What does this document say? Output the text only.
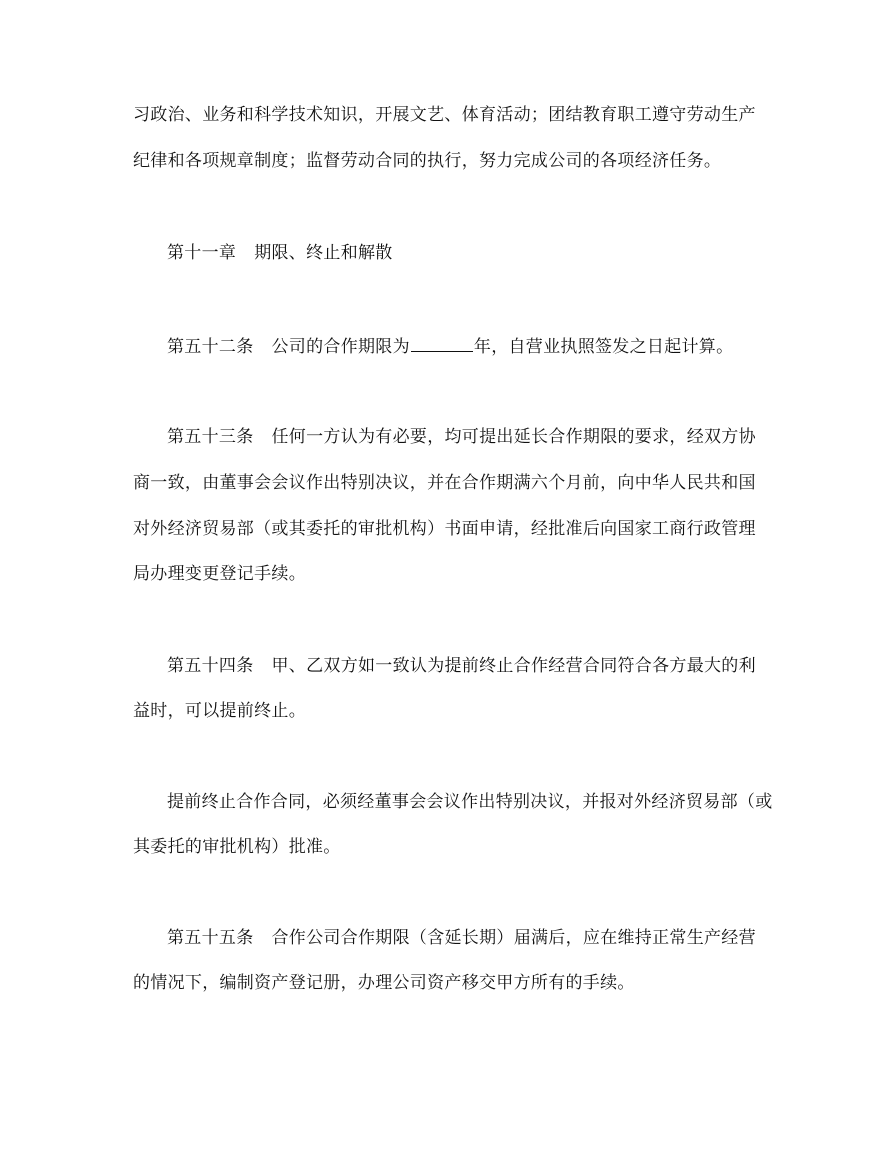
习政治、业务和科学技术知识，开展文艺、体育活动；团结教育职工遵守劳动生产
纪律和各项规章制度；监督劳动合同的执行，努力完成公司的各项经济任务。
第十一章 期限、终止和解散
第五十二条 公司的合作期限为	年，自营业执照签发之日起计算。
第五十三条 任何一方认为有必要，均可提出延长合作期限的要求，经双方协
商一致，由董事会会议作出特别决议，并在合作期满六个月前，向中华人民共和国
对外经济贸易部（或其委托的审批机构）书面申请，经批准后向国家工商行政管理
局办理变更登记手续。
第五十四条 甲、乙双方如一致认为提前终止合作经营合同符合各方最大的利
益时，可以提前终止。
提前终止合作合同，必须经董事会会议作出特别决议，并报对外经济贸易部（或
其委托的审批机构）批准。
第五十五条 合作公司合作期限（含延长期）届满后，应在维持正常生产经营
的情况下，编制资产登记册，办理公司资产移交甲方所有的手续。
